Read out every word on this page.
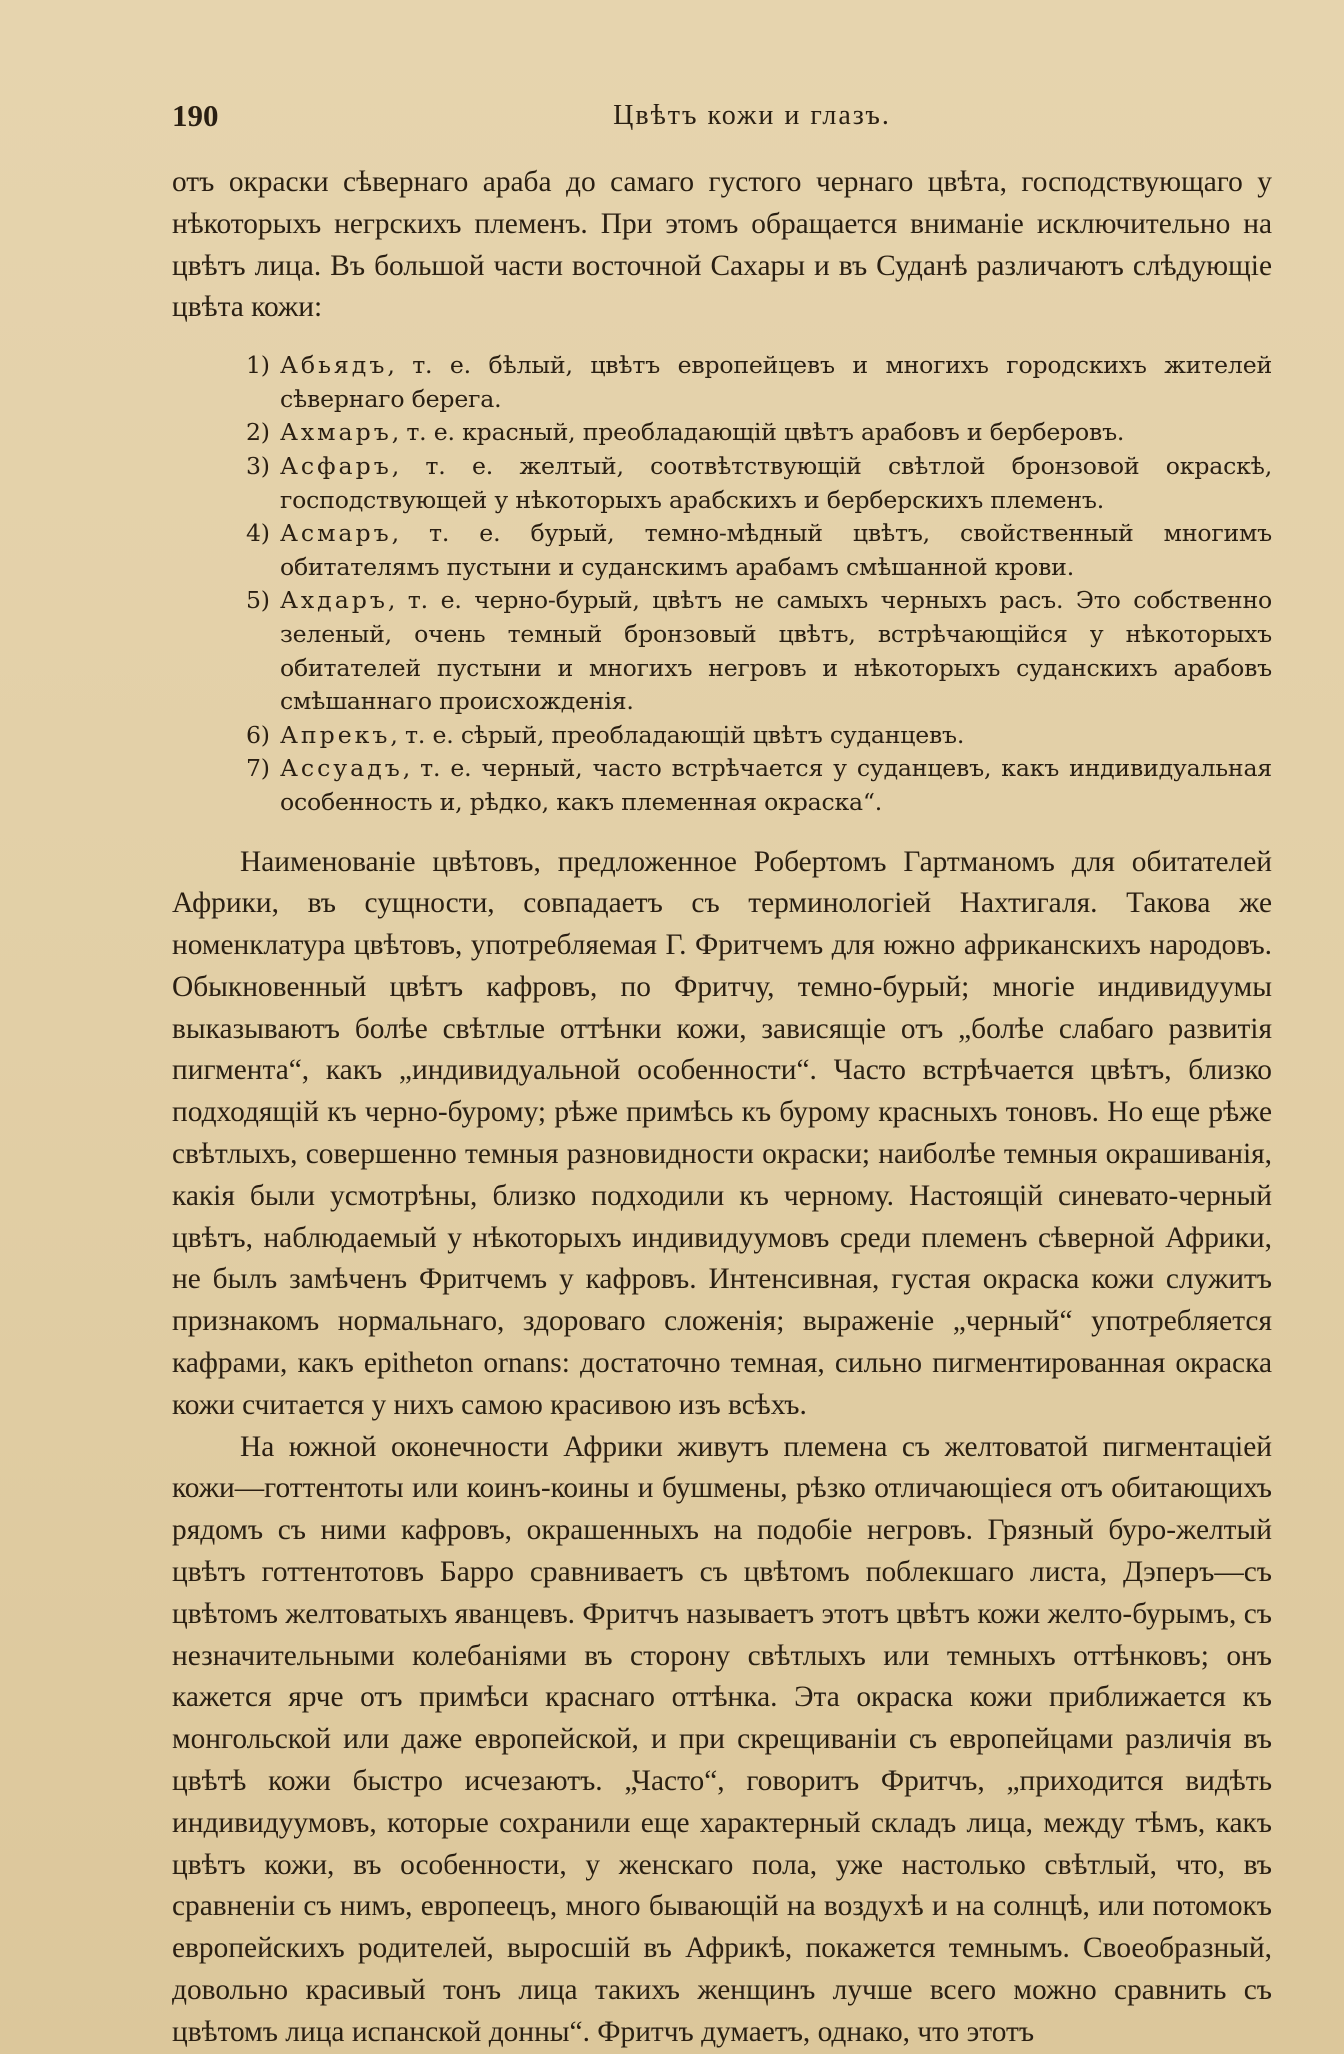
190	Цвѣтъ кожи и глазъ.

отъ окраски сѣвернаго араба до самаго густого чернаго цвѣта, господствующаго у нѣкоторыхъ негрскихъ племенъ. При этомъ обращается вниманіе исключительно на цвѣтъ лица. Въ большой части восточной Сахары и въ Суданѣ различаютъ слѣдующіе цвѣта кожи:

1) Абьядъ, т. е. бѣлый, цвѣтъ европейцевъ и многихъ городскихъ жителей сѣвернаго берега.
2) Ахмаръ, т. е. красный, преобладающій цвѣтъ арабовъ и берберовъ.
3) Асфаръ, т. е. желтый, соотвѣтствующій свѣтлой бронзовой окраскѣ, господствующей у нѣкоторыхъ арабскихъ и берберскихъ племенъ.
4) Асмаръ, т. е. бурый, темно-мѣдный цвѣтъ, свойственный многимъ обитателямъ пустыни и суданскимъ арабамъ смѣшанной крови.
5) Ахдаръ, т. е. черно-бурый, цвѣтъ не самыхъ черныхъ расъ. Это собственно зеленый, очень темный бронзовый цвѣтъ, встрѣчающійся у нѣкоторыхъ обитателей пустыни и многихъ негровъ и нѣкоторыхъ суданскихъ арабовъ смѣшаннаго происхожденія.
6) Апрекъ, т. е. сѣрый, преобладающій цвѣтъ суданцевъ.
7) Ассуадъ, т. е. черный, часто встрѣчается у суданцевъ, какъ индивидуальная особенность и, рѣдко, какъ племенная окраска“.

Наименованіе цвѣтовъ, предложенное Робертомъ Гартманомъ для обитателей Африки, въ сущности, совпадаетъ съ терминологіей Нахтигаля. Такова же номенклатура цвѣтовъ, употребляемая Г. Фритчемъ для южно африканскихъ народовъ. Обыкновенный цвѣтъ кафровъ, по Фритчу, темно-бурый; многіе индивидуумы выказываютъ болѣе свѣтлые оттѣнки кожи, зависящіе отъ „болѣе слабаго развитія пигмента“, какъ „индивидуальной особенности“. Часто встрѣчается цвѣтъ, близко подходящій къ черно-бурому; рѣже примѣсь къ бурому красныхъ тоновъ. Но еще рѣже свѣтлыхъ, совершенно темныя разновидности окраски; наиболѣе темныя окрашиванія, какія были усмотрѣны, близко подходили къ черному. Настоящій синевато-черный цвѣтъ, наблюдаемый у нѣкоторыхъ индивидуумовъ среди племенъ сѣверной Африки, не былъ замѣченъ Фритчемъ у кафровъ. Интенсивная, густая окраска кожи служитъ признакомъ нормальнаго, здороваго сложенія; выраженіе „черный“ употребляется кафрами, какъ epitheton ornans: достаточно темная, сильно пигментированная окраска кожи считается у нихъ самою красивою изъ всѣхъ.

На южной оконечности Африки живутъ племена съ желтоватой пигментаціей кожи—готтентоты или коинъ-коины и бушмены, рѣзко отличающіеся отъ обитающихъ рядомъ съ ними кафровъ, окрашенныхъ на подобіе негровъ. Грязный буро-желтый цвѣтъ готтентотовъ Барро сравниваетъ съ цвѣтомъ поблекшаго листа, Дэперъ—съ цвѣтомъ желтоватыхъ яванцевъ. Фритчъ называетъ этотъ цвѣтъ кожи желто-бурымъ, съ незначительными колебаніями въ сторону свѣтлыхъ или темныхъ оттѣнковъ; онъ кажется ярче отъ примѣси краснаго оттѣнка. Эта окраска кожи приближается къ монгольской или даже европейской, и при скрещиваніи съ европейцами различія въ цвѣтѣ кожи быстро исчезаютъ. „Часто“, говоритъ Фритчъ, „приходится видѣть индивидуумовъ, которые сохранили еще характерный складъ лица, между тѣмъ, какъ цвѣтъ кожи, въ особенности, у женскаго пола, уже настолько свѣтлый, что, въ сравненіи съ нимъ, европеецъ, много бывающій на воздухѣ и на солнцѣ, или потомокъ европейскихъ родителей, выросшій въ Африкѣ, покажется темнымъ. Своеобразный, довольно красивый тонъ лица такихъ женщинъ лучше всего можно сравнить съ цвѣтомъ лица испанской донны“. Фритчъ думаетъ, однако, что этотъ
